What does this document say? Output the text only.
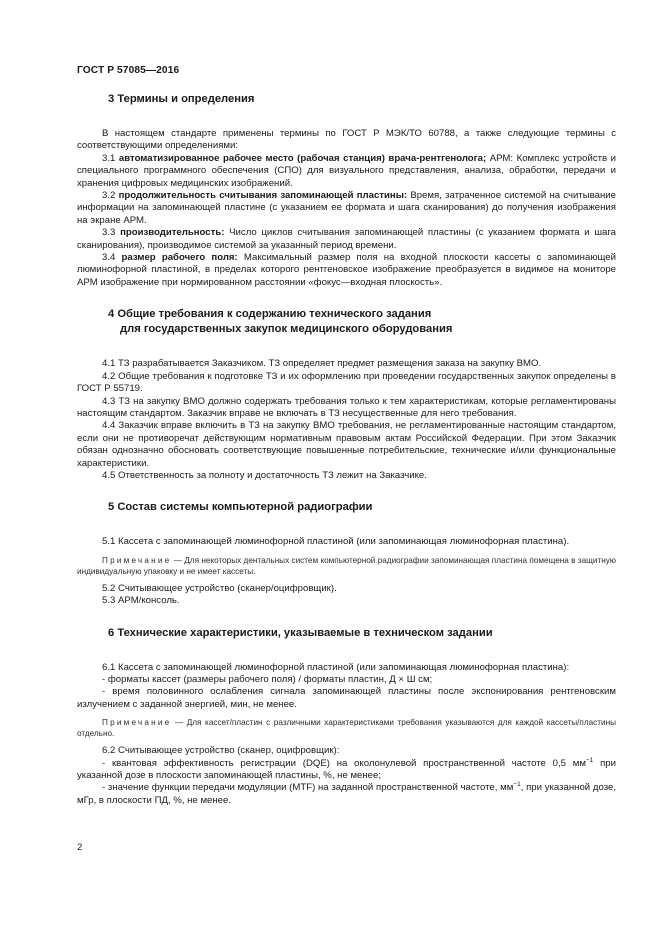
ГОСТ Р 57085—2016
3 Термины и определения

В настоящем стандарте применены термины по ГОСТ Р МЭК/ТО 60788, а также следующие термины с соответствующими определениями:

3.1 автоматизированное рабочее место (рабочая станция) врача-рентгенолога; АРМ: Комплекс устройств и специального программного обеспечения (СПО) для визуального представления, анализа, обработки, передачи и хранения цифровых медицинских изображений.

3.2 продолжительность считывания запоминающей пластины: Время, затраченное системой на считывание информации на запоминающей пластине (с указанием ее формата и шага сканирования) до получения изображения на экране АРМ.

3.3 производительность: Число циклов считывания запоминающей пластины (с указанием формата и шага сканирования), производимое системой за указанный период времени.

3.4 размер рабочего поля: Максимальный размер поля на входной плоскости кассеты с запоминающей люминофорной пластиной, в пределах которого рентгеновское изображение преобразуется в видимое на мониторе АРМ изображение при нормированном расстоянии «фокус—входная плоскость».

4 Общие требования к содержанию технического задания
для государственных закупок медицинского оборудования

4.1 ТЗ разрабатывается Заказчиком. ТЗ определяет предмет размещения заказа на закупку ВМО.

4.2 Общие требования к подготовке ТЗ и их оформлению при проведении государственных закупок определены в ГОСТ Р 55719.

4.3 ТЗ на закупку ВМО должно содержать требования только к тем характеристикам, которые регламентированы настоящим стандартом. Заказчик вправе не включать в ТЗ несущественные для него требования.

4.4 Заказчик вправе включить в ТЗ на закупку ВМО требования, не регламентированные настоящим стандартом, если они не противоречат действующим нормативным правовым актам Российской Федерации. При этом Заказчик обязан однозначно обосновать соответствующие повышенные потребительские, технические и/или функциональные характеристики.

4.5 Ответственность за полноту и достаточность ТЗ лежит на Заказчике.

5 Состав системы компьютерной радиографии

5.1 Кассета с запоминающей люминофорной пластиной (или запоминающая люминофорная пластина).

Примечание — Для некоторых дентальных систем компьютерной радиографии запоминающая пластина помещена в защитную индивидуальную упаковку и не имеет кассеты.

5.2 Считывающее устройство (сканер/оцифровщик).

5.3 АРМ/консоль.

6 Технические характеристики, указываемые в техническом задании

6.1 Кассета с запоминающей люминофорной пластиной (или запоминающая люминофорная пластина):

- форматы кассет (размеры рабочего поля) / форматы пластин, Д × Ш см;

- время половинного ослабления сигнала запоминающей пластины после экспонирования рентгеновским излучением с заданной энергией, мин, не менее.

Примечание — Для кассет/пластин с различными характеристиками требования указываются для каждой кассеты/пластины отдельно.

6.2 Считывающее устройство (сканер, оцифровщик):

- квантовая эффективность регистрации (DQE) на околонулевой пространственной частоте 0,5 $мм^{-1}$ при указанной дозе в плоскости запоминающей пластины, %, не менее;

- значение функции передачи модуляции (MTF) на заданной пространственной частоте, $мм^{-1}$, при указанной дозе, мГр, в плоскости ПД, %, не менее.

2
